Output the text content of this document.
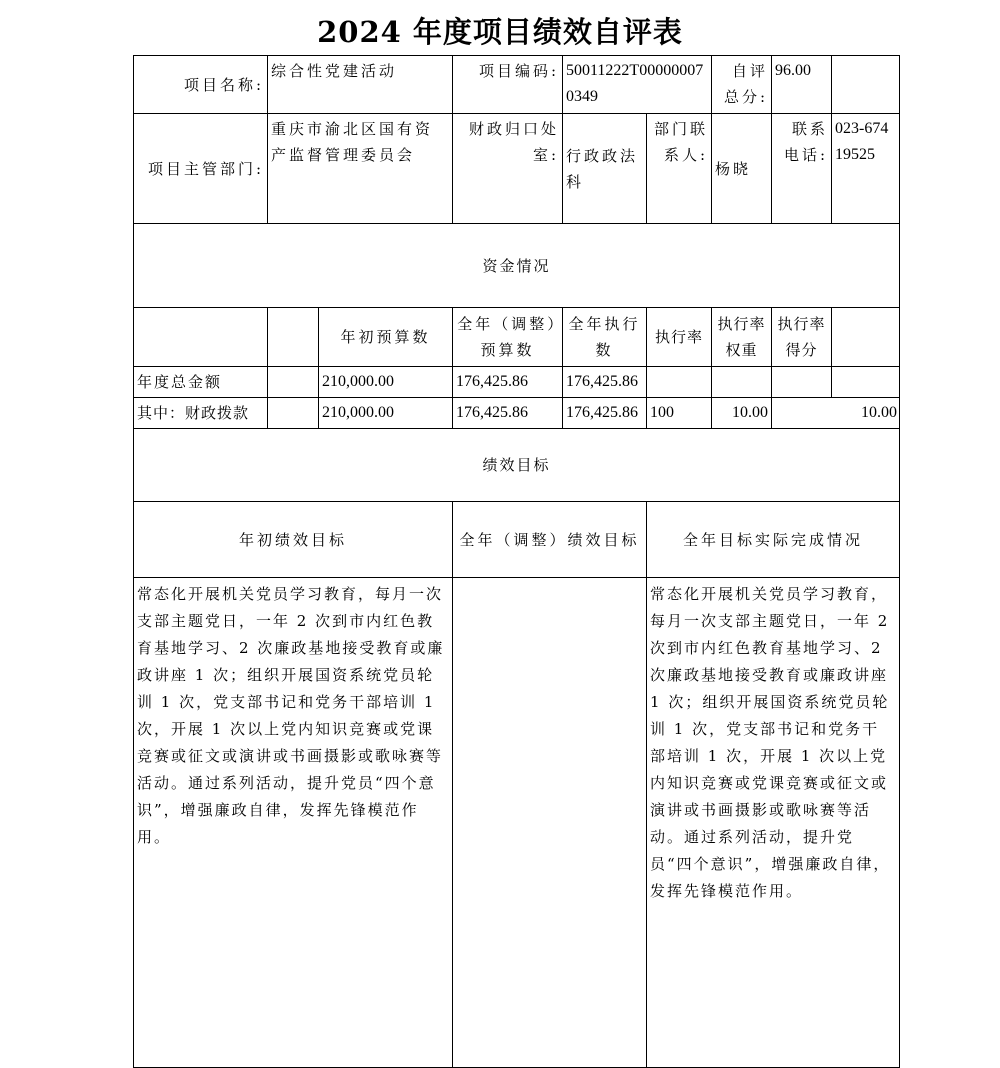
2024 年度项目绩效自评表
项目名称:	综合性党建活动		项目编码:	50011222T000000070349		自评总分:	96.00	
项目主管部门:	重庆市渝北区国有资产监督管理委员会		财政归口处室:	行政政法科	部门联系人:	杨晓	联系电话:	023-67419525
资金情况								
		年初预算数	全年（调整）预算数	全年执行数	执行率	执行率权重	执行率得分	
年度总金额		210,000.00	176,425.86	176,425.86				
其中：财政拨款		210,000.00	176,425.86	176,425.86	100	10.00	10.00	
绩效目标								
年初绩效目标			全年（调整）绩效目标		全年目标实际完成情况			
常态化开展机关党员学习教育，每月一次支部主题党日，一年 2 次到市内红色教育基地学习、2 次廉政基地接受教育或廉政讲座 1 次；组织开展国资系统党员轮训 1 次，党支部书记和党务干部培训 1 次，开展 1 次以上党内知识竞赛或党课竞赛或征文或演讲或书画摄影或歌咏赛等活动。通过系列活动，提升党员“四个意识”，增强廉政自律，发挥先锋模范作用。					常态化开展机关党员学习教育，每月一次支部主题党日，一年 2 次到市内红色教育基地学习、2 次廉政基地接受教育或廉政讲座 1 次；组织开展国资系统党员轮训 1 次，党支部书记和党务干部培训 1 次，开展 1 次以上党内知识竞赛或党课竞赛或征文或演讲或书画摄影或歌咏赛等活动。通过系列活动，提升党员“四个意识”，增强廉政自律，发挥先锋模范作用。			
